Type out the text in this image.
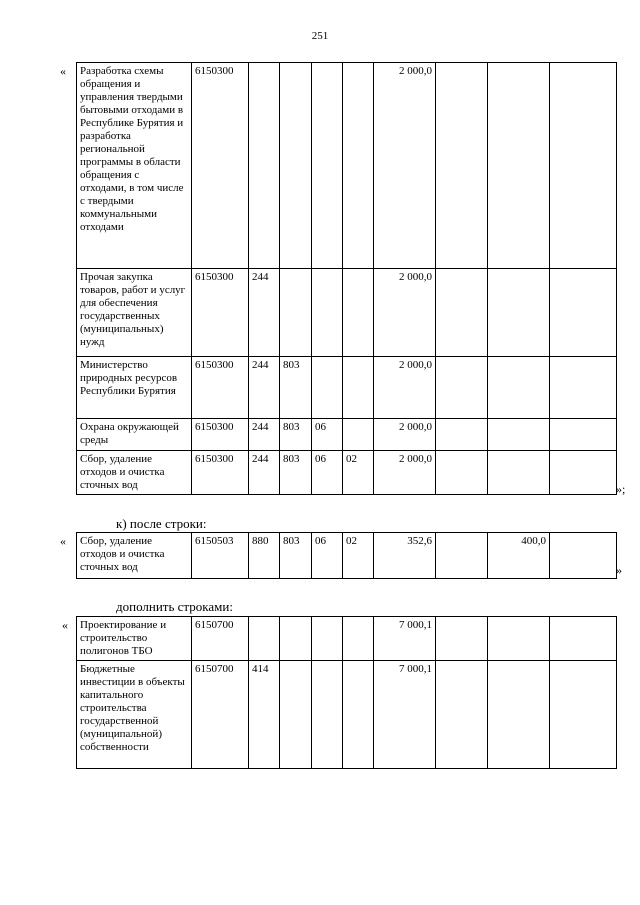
251
« Разработка схемы обращения и управления твердыми бытовыми отходами в Республике Бурятия и разработка региональной программы в области обращения с отходами, в том числе с твердыми коммунальными отходами	6150300					2 000,0			
Прочая закупка товаров, работ и услуг для обеспечения государственных (муниципальных) нужд	6150300	244				2 000,0			
Министерство природных ресурсов Республики Бурятия	6150300	244	803			2 000,0			
Охрана окружающей среды	6150300	244	803	06		2 000,0			
Сбор, удаление отходов и очистка сточных вод	6150300	244	803	06	02	2 000,0			
»;
к) после строки:
« Сбор, удаление отходов и очистка сточных вод	6150503	880	803	06	02	352,6		400,0	
»
дополнить строками:
« Проектирование и строительство полигонов ТБО	6150700					7 000,1			
Бюджетные инвестиции в объекты капитального строительства государственной (муниципальной) собственности	6150700	414				7 000,1			
